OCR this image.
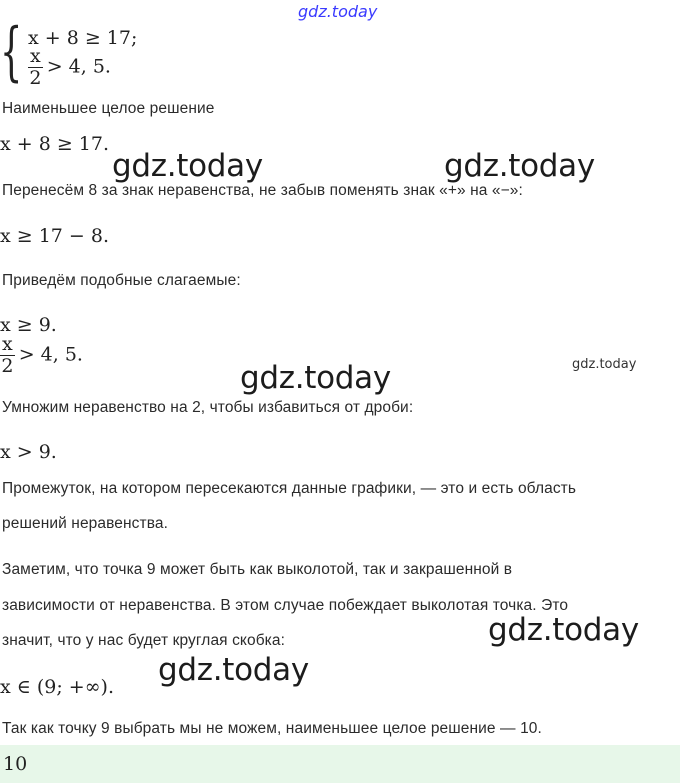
gdz.today
gdz.today	gdz.today
gdz.today	gdz.today
gdz.today
gdz.today
{ x + 8 ≥ 17;
$\frac{x}{2} > 4$, 5.
Наименьшее целое решение
x + 8 ≥ 17.
Перенесём 8 за знак неравенства, не забыв поменять знак «+» на «−»:
x ≥ 17 − 8.
Приведём подобные слагаемые:
x ≥ 9.
$\frac{x}{2} > 4$, 5.
Умножим неравенство на 2, чтобы избавиться от дроби:
x > 9.
Промежуток, на котором пересекаются данные графики, — это и есть область
решений неравенства.
Заметим, что точка 9 может быть как выколотой, так и закрашенной в
зависимости от неравенства. В этом случае побеждает выколотая точка. Это
значит, что у нас будет круглая скобка:
x ∈ (9; +∞).
Так как точку 9 выбрать мы не можем, наименьшее целое решение — 10.
10
